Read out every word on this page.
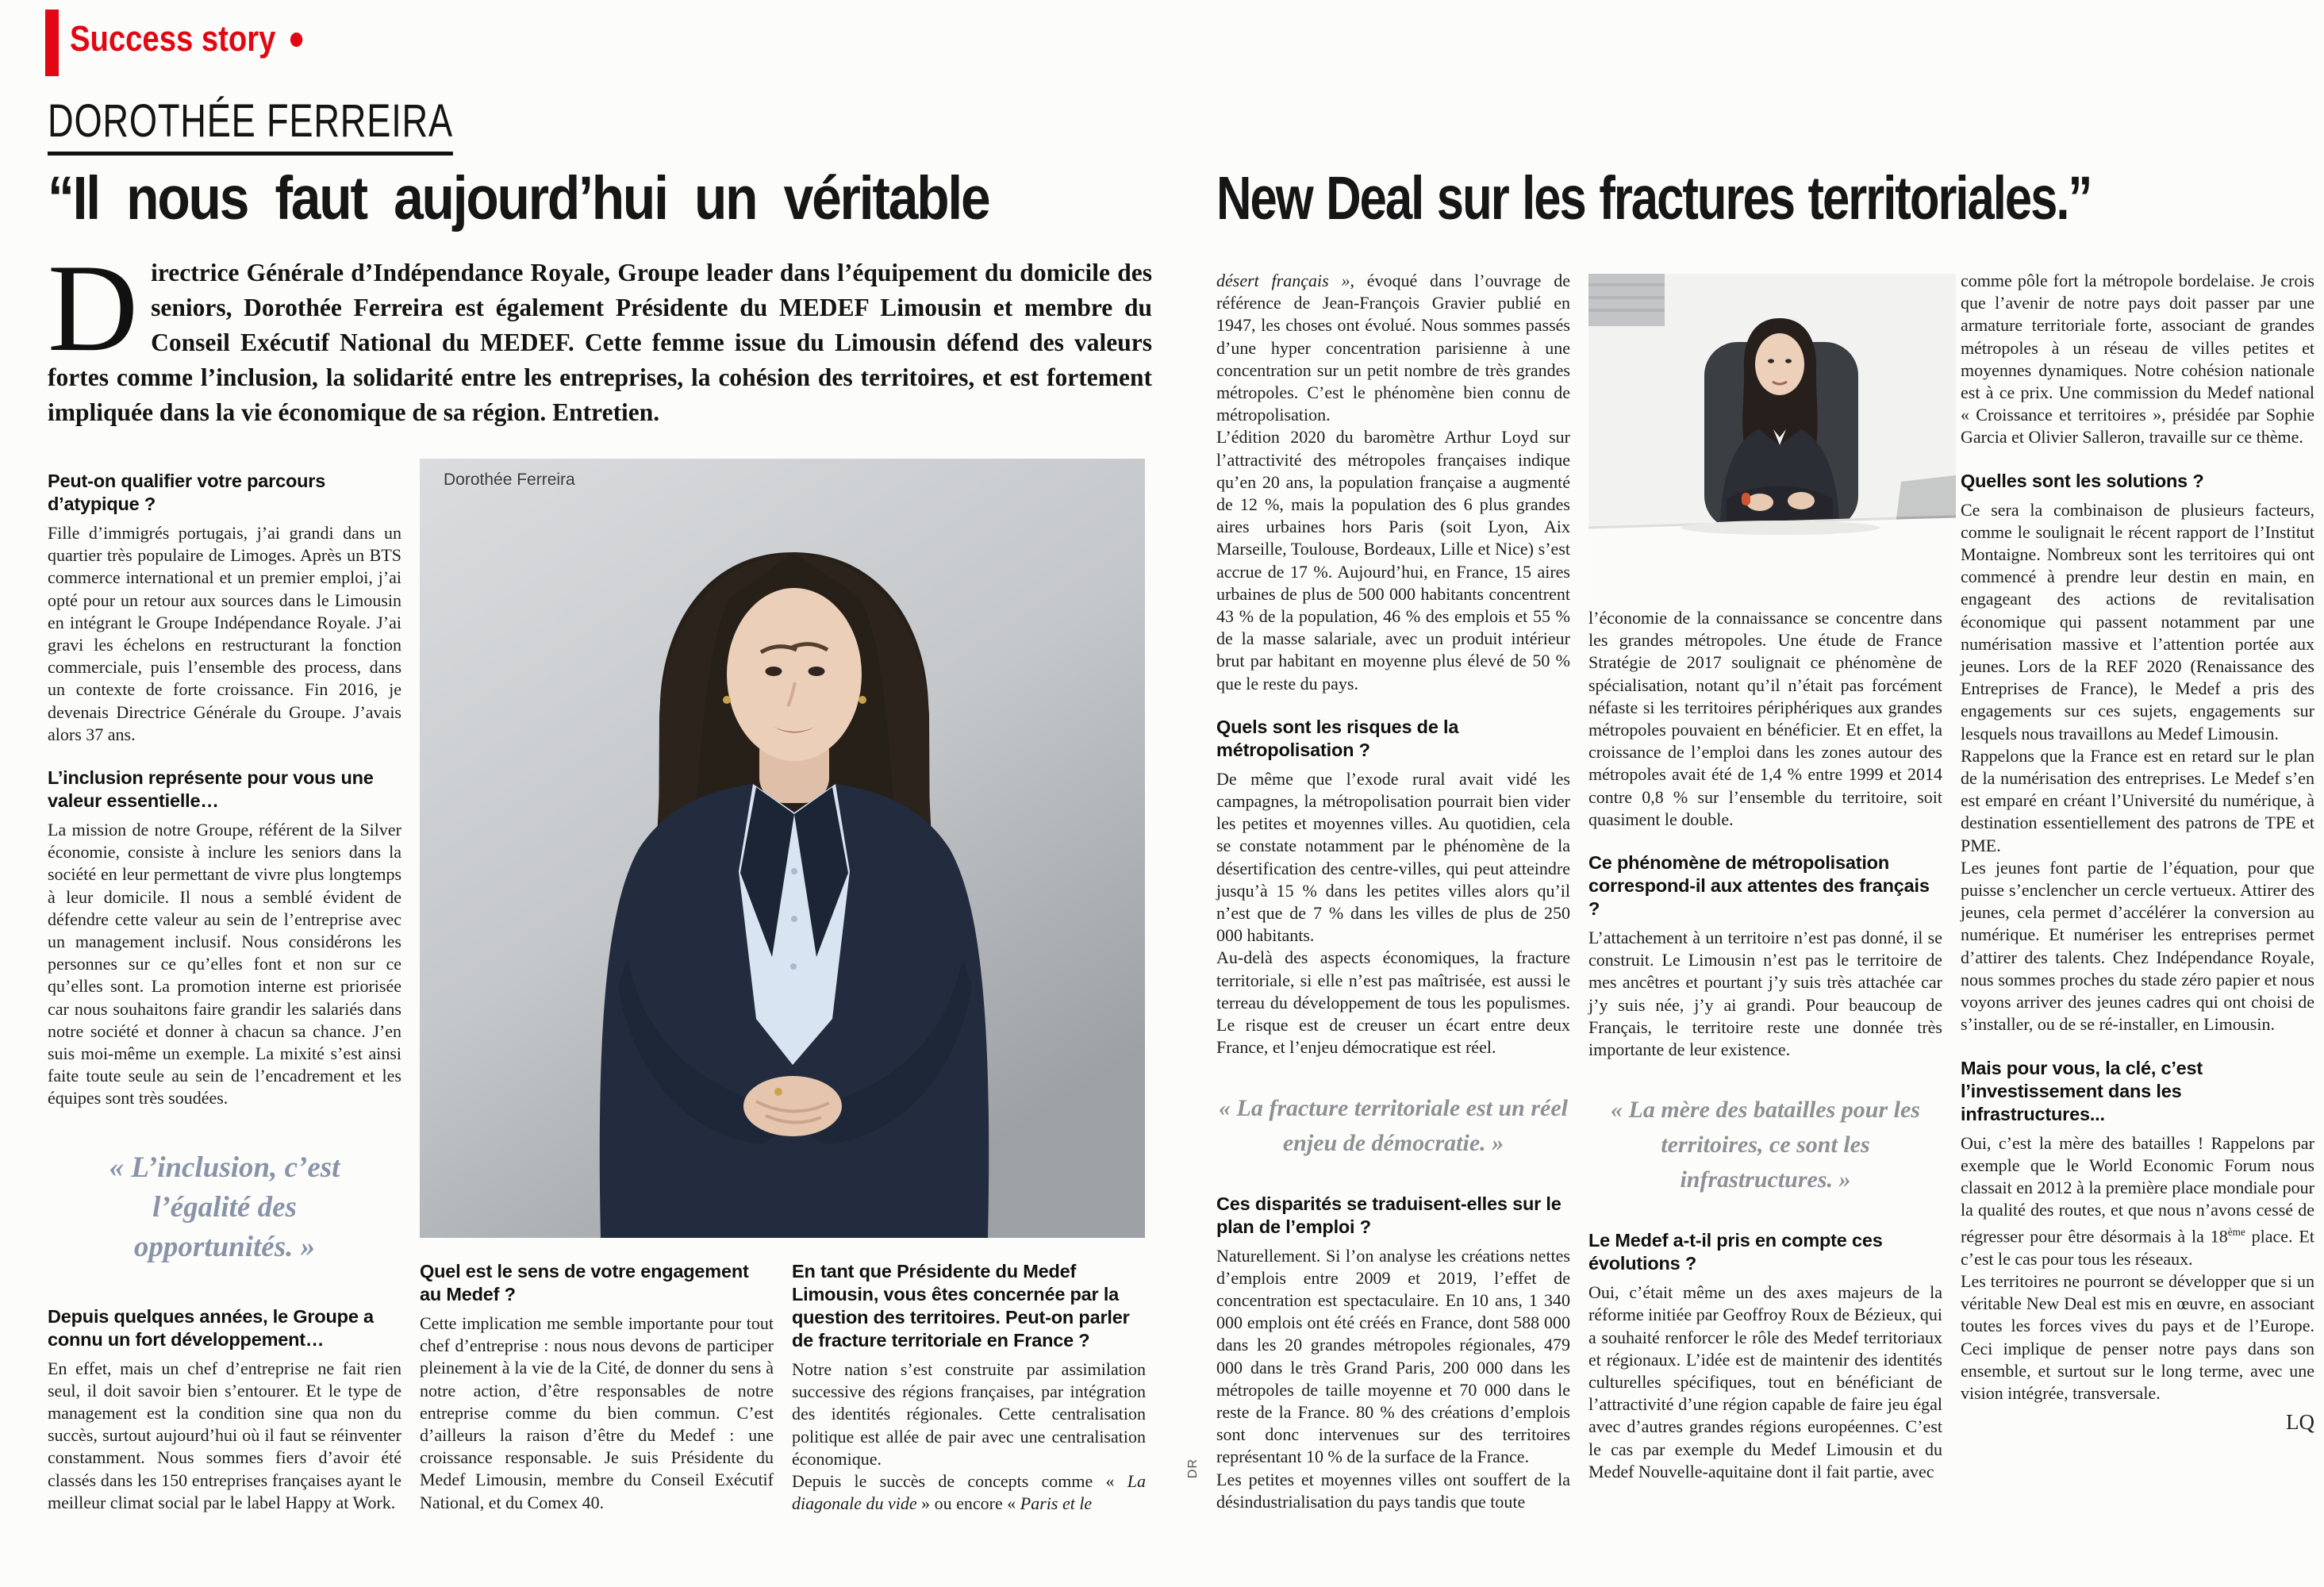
Success story
DOROTHÉE FERREIRA
“Il nous faut aujourd’hui un véritable	New Deal sur les fractures territoriales.”
Directrice Générale d’Indépendance Royale, Groupe leader dans l’équipement du domicile des seniors, Dorothée Ferreira est également Présidente du MEDEF Limousin et membre du Conseil Exécutif National du MEDEF. Cette femme issue du Limousin défend des valeurs fortes comme l’inclusion, la solidarité entre les entreprises, la cohésion des territoires, et est fortement impliquée dans la vie économique de sa région. Entretien.
Dorothée Ferreira

Peut-on qualifier votre parcours d’atypique ?

Fille d’immigrés portugais, j’ai grandi dans un quartier très populaire de Limoges. Après un BTS commerce international et un premier emploi, j’ai opté pour un retour aux sources dans le Limousin en intégrant le Groupe Indépendance Royale. J’ai gravi les échelons en restructurant la fonction commerciale, puis l’ensemble des process, dans un contexte de forte croissance. Fin 2016, je devenais Directrice Générale du Groupe. J’avais alors 37 ans.

L’inclusion représente pour vous une valeur essentielle…

La mission de notre Groupe, référent de la Silver économie, consiste à inclure les seniors dans la société en leur permettant de vivre plus longtemps à leur domicile. Il nous a semblé évident de défendre cette valeur au sein de l’entreprise avec un management inclusif. Nous considérons les personnes sur ce qu’elles font et non sur ce qu’elles sont. La promotion interne est priorisée car nous souhaitons faire grandir les salariés dans notre société et donner à chacun sa chance. J’en suis moi-même un exemple. La mixité s’est ainsi faite toute seule au sein de l’encadrement et les équipes sont très soudées.

« L’inclusion, c’est l’égalité des opportunités. »

Depuis quelques années, le Groupe a connu un fort développement…

En effet, mais un chef d’entreprise ne fait rien seul, il doit savoir bien s’entourer. Et le type de management est la condition sine qua non du succès, surtout aujourd’hui où il faut se réinventer constamment. Nous sommes fiers d’avoir été classés dans les 150 entreprises françaises ayant le meilleur climat social par le label Happy at Work.

Quel est le sens de votre engagement au Medef ?

Cette implication me semble importante pour tout chef d’entreprise : nous nous devons de participer pleinement à la vie de la Cité, de donner du sens à notre action, d’être responsables de notre entreprise comme du bien commun. C’est d’ailleurs la raison d’être du Medef : une croissance responsable. Je suis Présidente du Medef Limousin, membre du Conseil Exécutif National, et du Comex 40.

En tant que Présidente du Medef Limousin, vous êtes concernée par la question des territoires. Peut-on parler de fracture territoriale en France ?

Notre nation s’est construite par assimilation successive des régions françaises, par intégration des identités régionales. Cette centralisation politique est allée de pair avec une centralisation économique.

Depuis le succès de concepts comme « La diagonale du vide » ou encore « Paris et le

désert français », évoqué dans l’ouvrage de référence de Jean-François Gravier publié en 1947, les choses ont évolué. Nous sommes passés d’une hyper concentration parisienne à une concentration sur un petit nombre de très grandes métropoles. C’est le phénomène bien connu de métropolisation.

L’édition 2020 du baromètre Arthur Loyd sur l’attractivité des métropoles françaises indique qu’en 20 ans, la population française a augmenté de 12 %, mais la population des 6 plus grandes aires urbaines hors Paris (soit Lyon, Aix Marseille, Toulouse, Bordeaux, Lille et Nice) s’est accrue de 17 %. Aujourd’hui, en France, 15 aires urbaines de plus de 500 000 habitants concentrent 43 % de la population, 46 % des emplois et 55 % de la masse salariale, avec un produit intérieur brut par habitant en moyenne plus élevé de 50 % que le reste du pays.

Quels sont les risques de la métropolisation ?

De même que l’exode rural avait vidé les campagnes, la métropolisation pourrait bien vider les petites et moyennes villes. Au quotidien, cela se constate notamment par le phénomène de la désertification des centre-villes, qui peut atteindre jusqu’à 15 % dans les petites villes alors qu’il n’est que de 7 % dans les villes de plus de 250 000 habitants.

Au-delà des aspects économiques, la fracture territoriale, si elle n’est pas maîtrisée, est aussi le terreau du développement de tous les populismes. Le risque est de creuser un écart entre deux France, et l’enjeu démocratique est réel.

« La fracture territoriale est un réel enjeu de démocratie. »

Ces disparités se traduisent-elles sur le plan de l’emploi ?

Naturellement. Si l’on analyse les créations nettes d’emplois entre 2009 et 2019, l’effet de concentration est spectaculaire. En 10 ans, 1 340 000 emplois ont été créés en France, dont 588 000 dans les 20 grandes métropoles régionales, 479 000 dans le très Grand Paris, 200 000 dans les métropoles de taille moyenne et 70 000 dans le reste de la France. 80 % des créations d’emplois sont donc intervenues sur des territoires représentant 10 % de la surface de la France.

Les petites et moyennes villes ont souffert de la désindustrialisation du pays tandis que toute

l’économie de la connaissance se concentre dans les grandes métropoles. Une étude de France Stratégie de 2017 soulignait ce phénomène de spécialisation, notant qu’il n’était pas forcément néfaste si les territoires périphériques aux grandes métropoles pouvaient en bénéficier. Et en effet, la croissance de l’emploi dans les zones autour des métropoles avait été de 1,4 % entre 1999 et 2014 contre 0,8 % sur l’ensemble du territoire, soit quasiment le double.

Ce phénomène de métropolisation correspond-il aux attentes des français ?

L’attachement à un territoire n’est pas donné, il se construit. Le Limousin n’est pas le territoire de mes ancêtres et pourtant j’y suis très attachée car j’y suis née, j’y ai grandi. Pour beaucoup de Français, le territoire reste une donnée très importante de leur existence.

« La mère des batailles pour les territoires, ce sont les infrastructures. »

Le Medef a-t-il pris en compte ces évolutions ?

Oui, c’était même un des axes majeurs de la réforme initiée par Geoffroy Roux de Bézieux, qui a souhaité renforcer le rôle des Medef territoriaux et régionaux. L’idée est de maintenir des identités culturelles spécifiques, tout en bénéficiant de l’attractivité d’une région capable de faire jeu égal avec d’autres grandes régions européennes. C’est le cas par exemple du Medef Limousin et du Medef Nouvelle-aquitaine dont il fait partie, avec

comme pôle fort la métropole bordelaise. Je crois que l’avenir de notre pays doit passer par une armature territoriale forte, associant de grandes métropoles à un réseau de villes petites et moyennes dynamiques. Notre cohésion nationale est à ce prix. Une commission du Medef national « Croissance et territoires », présidée par Sophie Garcia et Olivier Salleron, travaille sur ce thème.

Quelles sont les solutions ?

Ce sera la combinaison de plusieurs facteurs, comme le soulignait le récent rapport de l’Institut Montaigne. Nombreux sont les territoires qui ont commencé à prendre leur destin en main, en engageant des actions de revitalisation économique qui passent notamment par une numérisation massive et l’attention portée aux jeunes. Lors de la REF 2020 (Renaissance des Entreprises de France), le Medef a pris des engagements sur ces sujets, engagements sur lesquels nous travaillons au Medef Limousin.

Rappelons que la France est en retard sur le plan de la numérisation des entreprises. Le Medef s’en est emparé en créant l’Université du numérique, à destination essentiellement des patrons de TPE et PME.

Les jeunes font partie de l’équation, pour que puisse s’enclencher un cercle vertueux. Attirer des jeunes, cela permet d’accélérer la conversion au numérique. Et numériser les entreprises permet d’attirer des talents. Chez Indépendance Royale, nous sommes proches du stade zéro papier et nous voyons arriver des jeunes cadres qui ont choisi de s’installer, ou de se ré-installer, en Limousin.

Mais pour vous, la clé, c’est l’investissement dans les infrastructures...

Oui, c’est la mère des batailles ! Rappelons par exemple que le World Economic Forum nous classait en 2012 à la première place mondiale pour la qualité des routes, et que nous n’avons cessé de régresser pour être désormais à la 18ème place. Et c’est le cas pour tous les réseaux.

Les territoires ne pourront se développer que si un véritable New Deal est mis en œuvre, en associant toutes les forces vives du pays et de l’Europe. Ceci implique de penser notre pays dans son ensemble, et surtout sur le long terme, avec une vision intégrée, transversale.

LQ

DR
